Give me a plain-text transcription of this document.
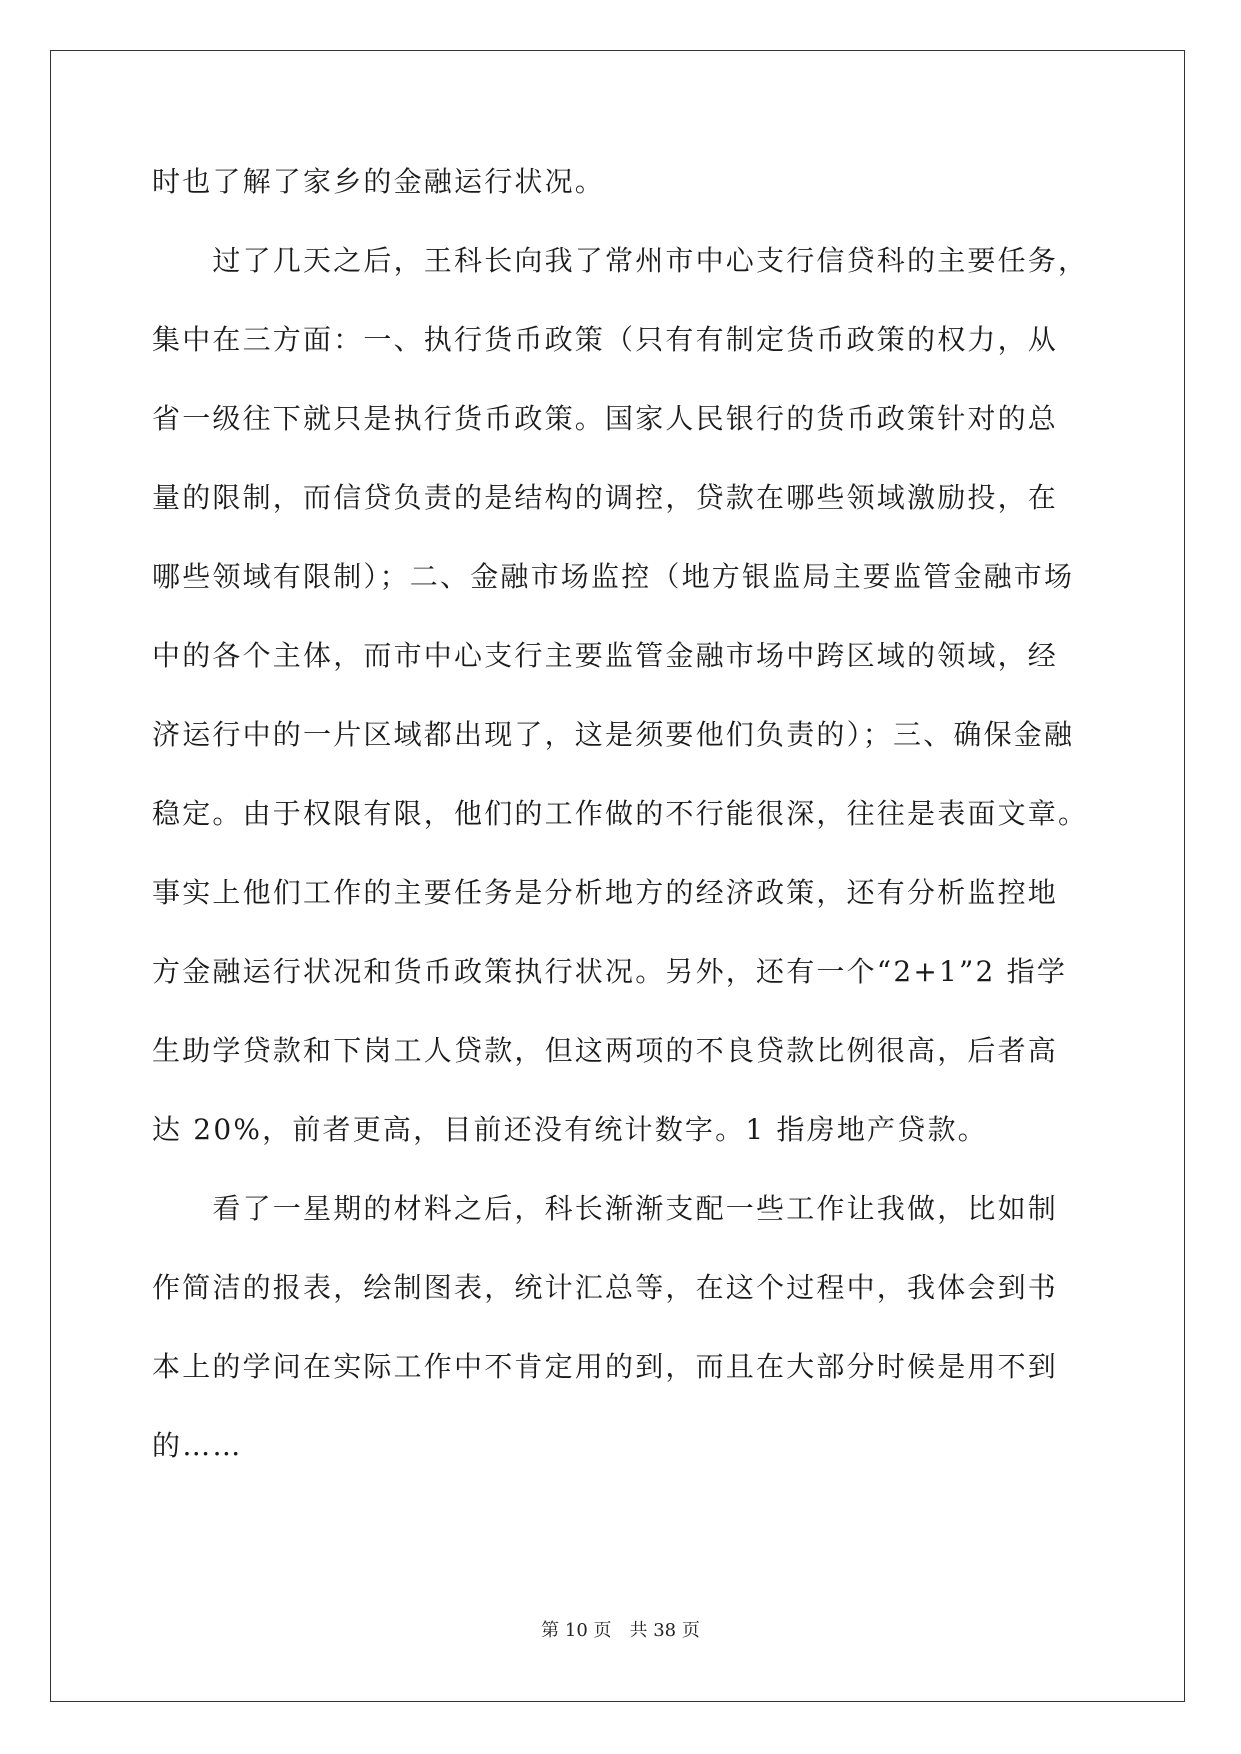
时也了解了家乡的金融运行状况。
　　过了几天之后，王科长向我了常州市中心支行信贷科的主要任务，
集中在三方面：一、执行货币政策（只有有制定货币政策的权力，从
省一级往下就只是执行货币政策。国家人民银行的货币政策针对的总
量的限制，而信贷负责的是结构的调控，贷款在哪些领域激励投，在
哪些领域有限制）；二、金融市场监控（地方银监局主要监管金融市场
中的各个主体，而市中心支行主要监管金融市场中跨区域的领域，经
济运行中的一片区域都出现了，这是须要他们负责的）；三、确保金融
稳定。由于权限有限，他们的工作做的不行能很深，往往是表面文章。
事实上他们工作的主要任务是分析地方的经济政策，还有分析监控地
方金融运行状况和货币政策执行状况。另外，还有一个“2+1”2 指学
生助学贷款和下岗工人贷款，但这两项的不良贷款比例很高，后者高
达 20%，前者更高，目前还没有统计数字。1 指房地产贷款。
　　看了一星期的材料之后，科长渐渐支配一些工作让我做，比如制
作简洁的报表，绘制图表，统计汇总等，在这个过程中，我体会到书
本上的学问在实际工作中不肯定用的到，而且在大部分时候是用不到
的……
第 10 页　共 38 页
